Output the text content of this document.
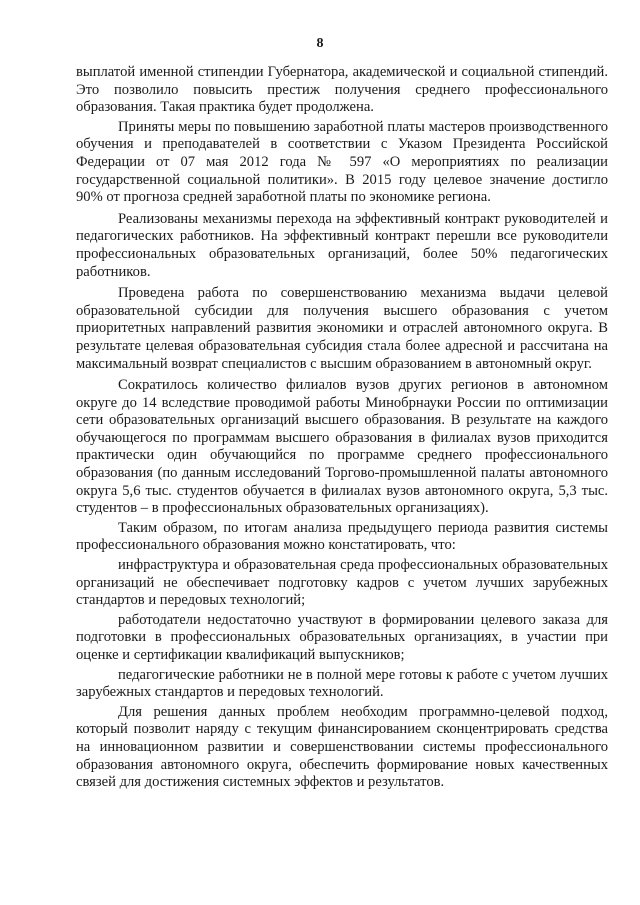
8

выплатой именной стипендии Губернатора, академической и социальной стипендий. Это позволило повысить престиж получения среднего профессионального образования. Такая практика будет продолжена.

Приняты меры по повышению заработной платы мастеров производственного обучения и преподавателей в соответствии с Указом Президента Российской Федерации от 07 мая 2012 года № 597 «О мероприятиях по реализации государственной социальной политики». В 2015 году целевое значение достигло 90% от прогноза средней заработной платы по экономике региона.

Реализованы механизмы перехода на эффективный контракт руководителей и педагогических работников. На эффективный контракт перешли все руководители профессиональных образовательных организаций, более 50% педагогических работников.

Проведена работа по совершенствованию механизма выдачи целевой образовательной субсидии для получения высшего образования с учетом приоритетных направлений развития экономики и отраслей автономного округа. В результате целевая образовательная субсидия стала более адресной и рассчитана на максимальный возврат специалистов с высшим образованием в автономный округ.

Сократилось количество филиалов вузов других регионов в автономном округе до 14 вследствие проводимой работы Минобрнауки России по оптимизации сети образовательных организаций высшего образования. В результате на каждого обучающегося по программам высшего образования в филиалах вузов приходится практически один обучающийся по программе среднего профессионального образования (по данным исследований Торгово-промышленной палаты автономного округа 5,6 тыс. студентов обучается в филиалах вузов автономного округа, 5,3 тыс. студентов – в профессиональных образовательных организациях).

Таким образом, по итогам анализа предыдущего периода развития системы профессионального образования можно констатировать, что:

инфраструктура и образовательная среда профессиональных образовательных организаций не обеспечивает подготовку кадров с учетом лучших зарубежных стандартов и передовых технологий;

работодатели недостаточно участвуют в формировании целевого заказа для подготовки в профессиональных образовательных организациях, в участии при оценке и сертификации квалификаций выпускников;

педагогические работники не в полной мере готовы к работе с учетом лучших зарубежных стандартов и передовых технологий.

Для решения данных проблем необходим программно-целевой подход, который позволит наряду с текущим финансированием сконцентрировать средства на инновационном развитии и совершенствовании системы профессионального образования автономного округа, обеспечить формирование новых качественных связей для достижения системных эффектов и результатов.
